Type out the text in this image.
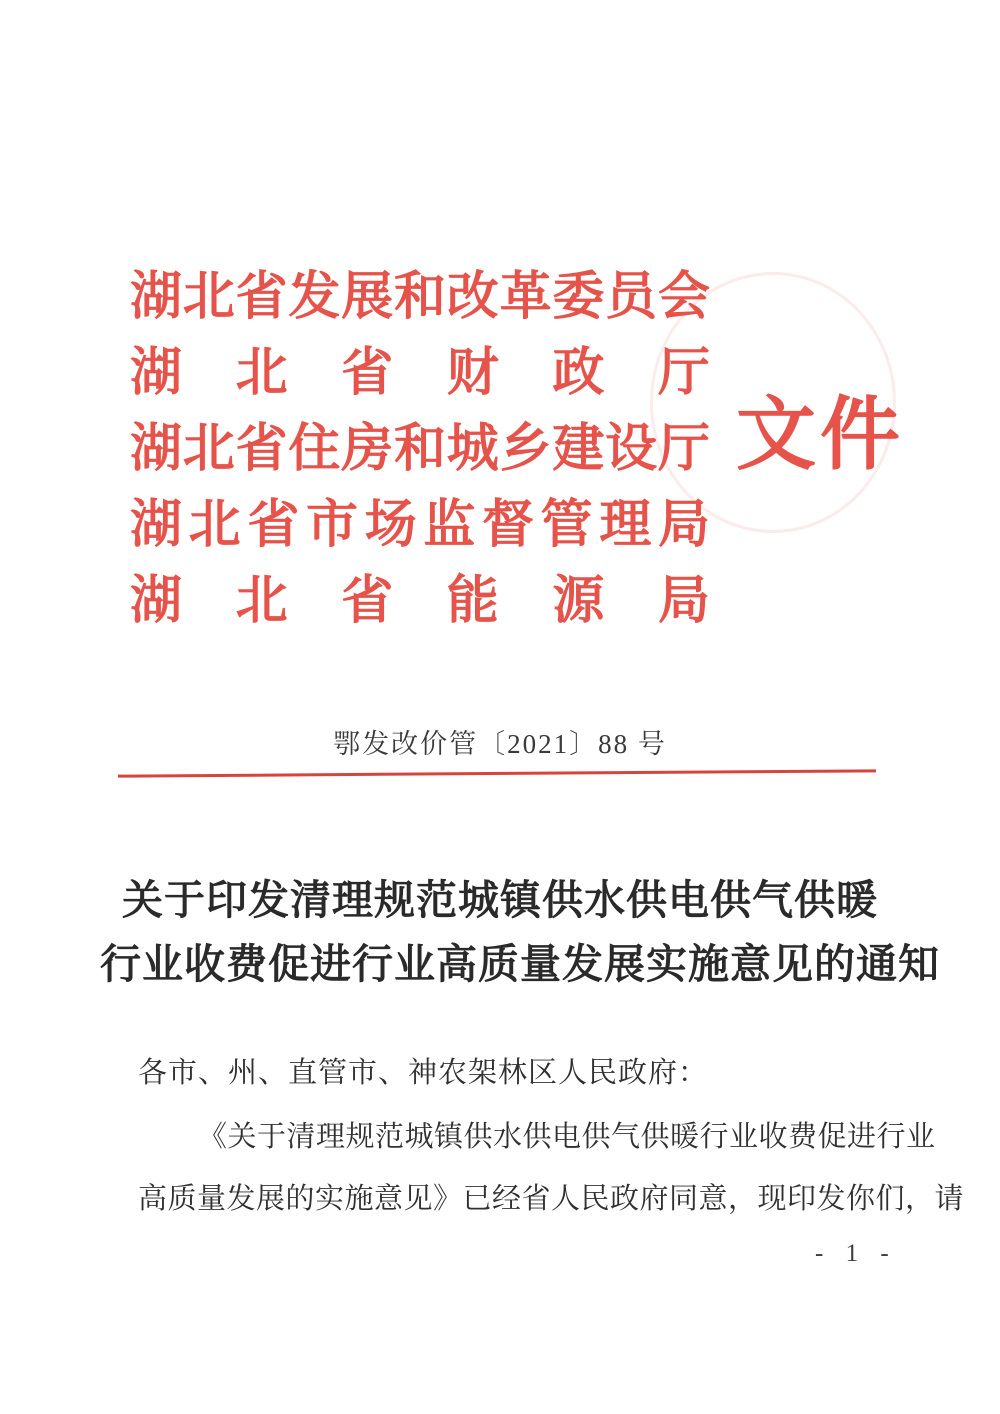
湖北省发展和改革委员会
湖北省财政厅
湖北省住房和城乡建设厅
湖北省市场监督管理局
湖北省能源局
文件
鄂发改价管〔2021〕88 号
关于印发清理规范城镇供水供电供气供暖
行业收费促进行业高质量发展实施意见的通知
各市、州、直管市、神农架林区人民政府：
《关于清理规范城镇供水供电供气供暖行业收费促进行业
高质量发展的实施意见》已经省人民政府同意，现印发你们，请
- 1 -
